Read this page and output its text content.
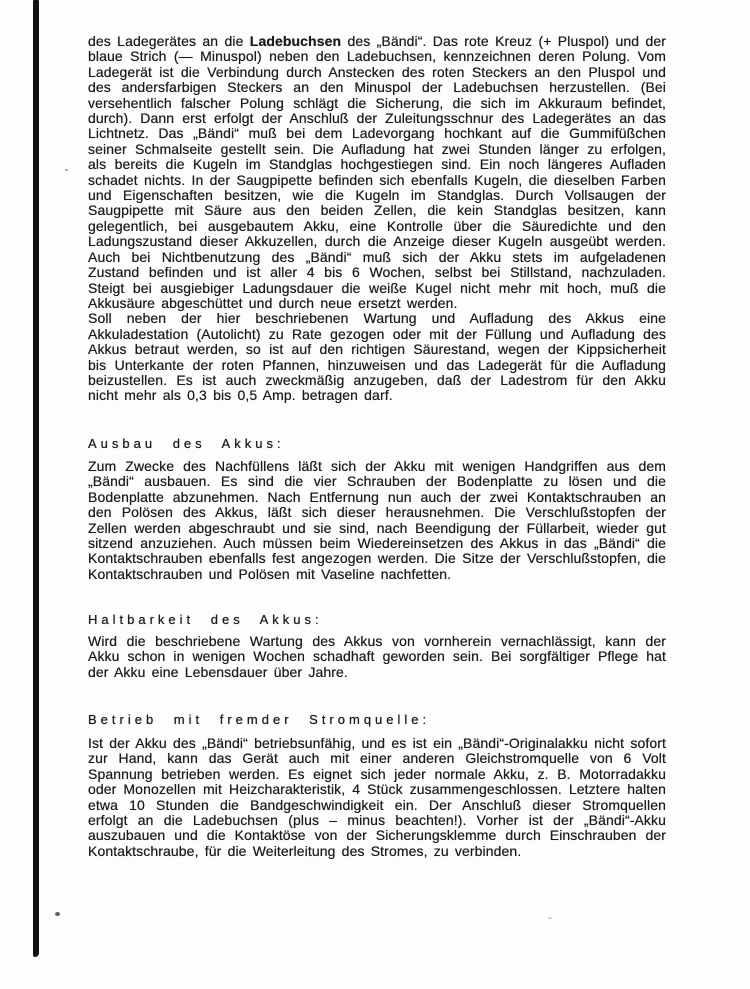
des Ladegerätes an die Ladebuchsen des „Bändi“. Das rote Kreuz (+ Pluspol) und der blaue Strich (— Minuspol) neben den Ladebuchsen, kennzeichnen deren Polung. Vom Ladegerät ist die Verbindung durch Anstecken des roten Steckers an den Pluspol und des andersfarbigen Steckers an den Minuspol der Ladebuchsen herzustellen. (Bei versehentlich falscher Polung schlägt die Sicherung, die sich im Akkuraum befindet, durch). Dann erst erfolgt der Anschluß der Zuleitungsschnur des Ladegerätes an das Lichtnetz. Das „Bändi“ muß bei dem Ladevorgang hochkant auf die Gummifüßchen seiner Schmalseite gestellt sein. Die Aufladung hat zwei Stunden länger zu erfolgen, als bereits die Kugeln im Standglas hochgestiegen sind. Ein noch längeres Aufladen schadet nichts. In der Saugpipette befinden sich ebenfalls Kugeln, die dieselben Farben und Eigenschaften besitzen, wie die Kugeln im Standglas. Durch Vollsaugen der Saugpipette mit Säure aus den beiden Zellen, die kein Standglas besitzen, kann gelegentlich, bei ausgebautem Akku, eine Kontrolle über die Säuredichte und den Ladungszustand dieser Akkuzellen, durch die Anzeige dieser Kugeln ausgeübt werden. Auch bei Nichtbenutzung des „Bändi“ muß sich der Akku stets im aufgeladenen Zustand befinden und ist aller 4 bis 6 Wochen, selbst bei Stillstand, nachzuladen. Steigt bei ausgiebiger Ladungsdauer die weiße Kugel nicht mehr mit hoch, muß die Akkusäure abgeschüttet und durch neue ersetzt werden.

Soll neben der hier beschriebenen Wartung und Aufladung des Akkus eine Akkuladestation (Autolicht) zu Rate gezogen oder mit der Füllung und Aufladung des Akkus betraut werden, so ist auf den richtigen Säurestand, wegen der Kippsicherheit bis Unterkante der roten Pfannen, hinzuweisen und das Ladegerät für die Aufladung beizustellen. Es ist auch zweckmäßig anzugeben, daß der Ladestrom für den Akku nicht mehr als 0,3 bis 0,5 Amp. betragen darf.

Ausbau des Akkus:

Zum Zwecke des Nachfüllens läßt sich der Akku mit wenigen Handgriffen aus dem „Bändi“ ausbauen. Es sind die vier Schrauben der Bodenplatte zu lösen und die Bodenplatte abzunehmen. Nach Entfernung nun auch der zwei Kontaktschrauben an den Polösen des Akkus, läßt sich dieser herausnehmen. Die Verschlußstopfen der Zellen werden abgeschraubt und sie sind, nach Beendigung der Füllarbeit, wieder gut sitzend anzuziehen. Auch müssen beim Wiedereinsetzen des Akkus in das „Bändi“ die Kontaktschrauben ebenfalls fest angezogen werden. Die Sitze der Verschlußstopfen, die Kontaktschrauben und Polösen mit Vaseline nachfetten.

Haltbarkeit des Akkus:

Wird die beschriebene Wartung des Akkus von vornherein vernachlässigt, kann der Akku schon in wenigen Wochen schadhaft geworden sein. Bei sorgfältiger Pflege hat der Akku eine Lebensdauer über Jahre.

Betrieb mit fremder Stromquelle:

Ist der Akku des „Bändi“ betriebsunfähig, und es ist ein „Bändi“-Originalakku nicht sofort zur Hand, kann das Gerät auch mit einer anderen Gleichstromquelle von 6 Volt Spannung betrieben werden. Es eignet sich jeder normale Akku, z. B. Motorradakku oder Monozellen mit Heizcharakteristik, 4 Stück zusammengeschlossen. Letztere halten etwa 10 Stunden die Bandgeschwindigkeit ein. Der Anschluß dieser Stromquellen erfolgt an die Ladebuchsen (plus – minus beachten!). Vorher ist der „Bändi“-Akku auszubauen und die Kontaktöse von der Sicherungsklemme durch Einschrauben der Kontaktschraube, für die Weiterleitung des Stromes, zu verbinden.
